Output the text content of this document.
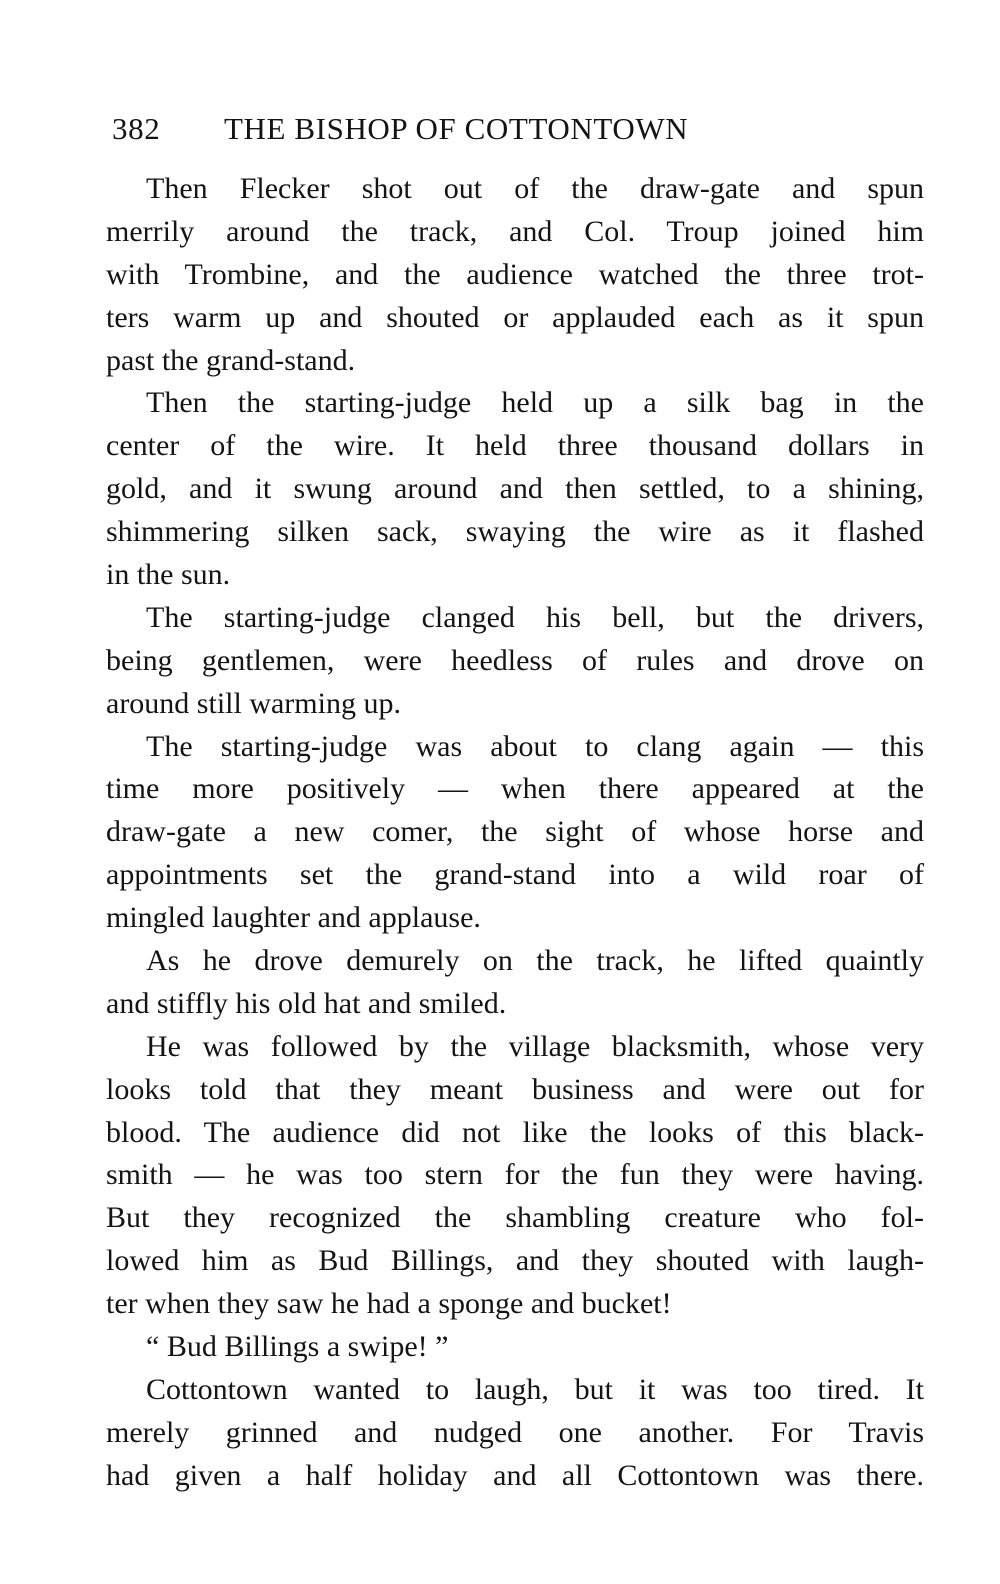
382 THE BISHOP OF COTTONTOWN

Then Flecker shot out of the draw-gate and spun
merrily around the track, and Col. Troup joined him
with Trombine, and the audience watched the three trot-
ters warm up and shouted or applauded each as it spun
past the grand-stand.

Then the starting-judge held up a silk bag in the
center of the wire. It held three thousand dollars in
gold, and it swung around and then settled, to a shining,
shimmering silken sack, swaying the wire as it flashed
in the sun.

The starting-judge clanged his bell, but the drivers,
being gentlemen, were heedless of rules and drove on
around still warming up.

The starting-judge was about to clang again — this
time more positively — when there appeared at the
draw-gate a new comer, the sight of whose horse and
appointments set the grand-stand into a wild roar of
mingled laughter and applause.

As he drove demurely on the track, he lifted quaintly
and stiffly his old hat and smiled.

He was followed by the village blacksmith, whose very
looks told that they meant business and were out for
blood. The audience did not like the looks of this black-
smith — he was too stern for the fun they were having.
But they recognized the shambling creature who fol-
lowed him as Bud Billings, and they shouted with laugh-
ter when they saw he had a sponge and bucket!

“ Bud Billings a swipe! ”

Cottontown wanted to laugh, but it was too tired. It
merely grinned and nudged one another. For Travis
had given a half holiday and all Cottontown was there.
